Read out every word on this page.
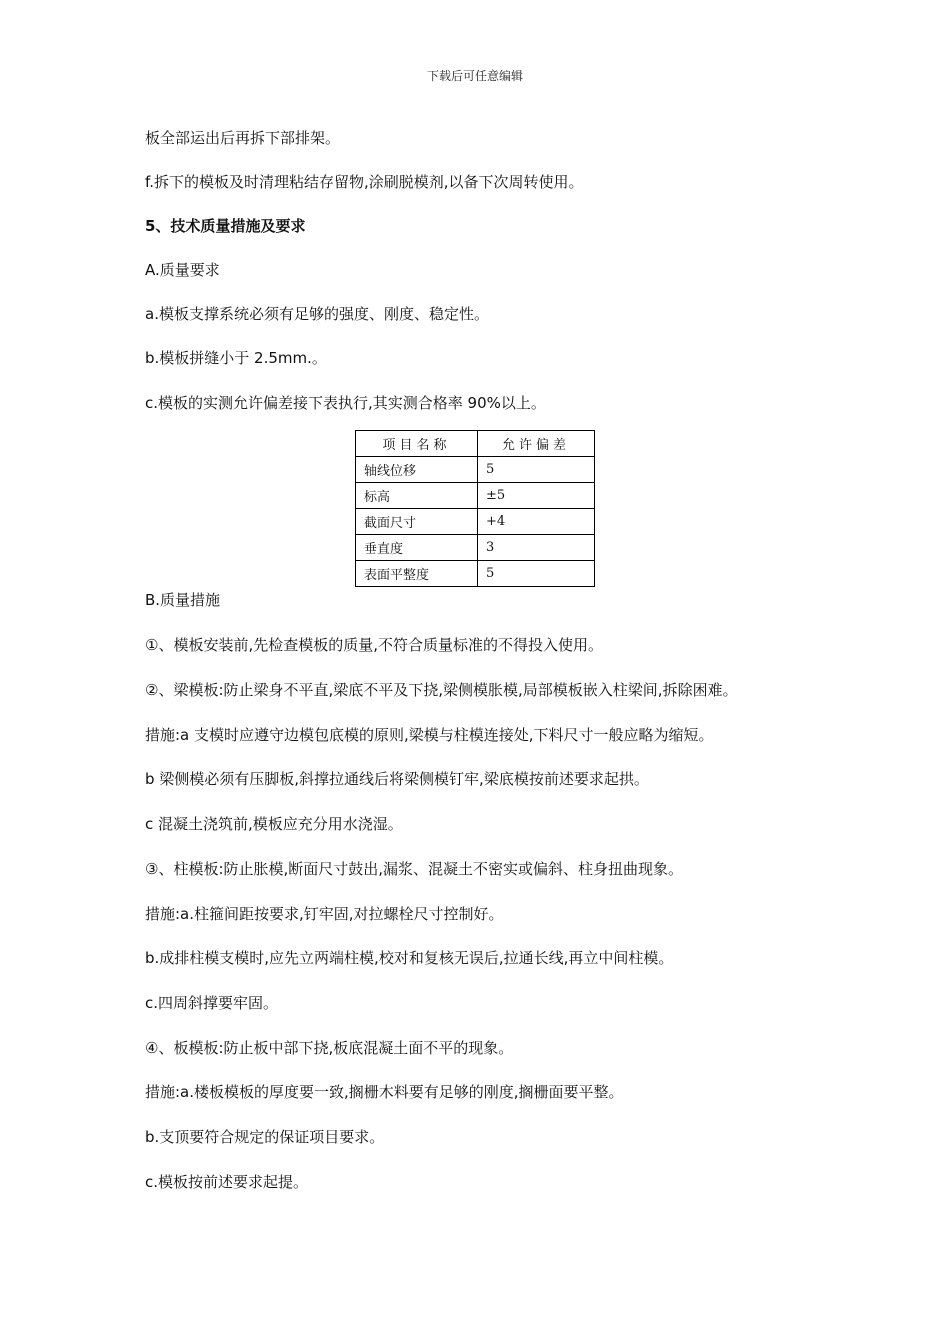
下载后可任意编辑
板全部运出后再拆下部排架。
f.拆下的模板及时清理粘结存留物,涂刷脱模剂,以备下次周转使用。
5、技术质量措施及要求
A.质量要求
a.模板支撑系统必须有足够的强度、刚度、稳定性。
b.模板拼缝小于 2.5mm.。
c.模板的实测允许偏差接下表执行,其实测合格率 90%以上。
项目名称	允许偏差
轴线位移	5
标高	±5
截面尺寸	+4
垂直度	3
表面平整度	5
B.质量措施
①、模板安装前,先检查模板的质量,不符合质量标准的不得投入使用。
②、梁模板:防止梁身不平直,梁底不平及下挠,梁侧模胀模,局部模板嵌入柱梁间,拆除困难。
措施:a 支模时应遵守边模包底模的原则,梁模与柱模连接处,下料尺寸一般应略为缩短。
b 梁侧模必须有压脚板,斜撑拉通线后将梁侧模钉牢,梁底模按前述要求起拱。
c 混凝土浇筑前,模板应充分用水浇湿。
③、柱模板:防止胀模,断面尺寸鼓出,漏浆、混凝土不密实或偏斜、柱身扭曲现象。
措施:a.柱箍间距按要求,钉牢固,对拉螺栓尺寸控制好。
b.成排柱模支模时,应先立两端柱模,校对和复核无误后,拉通长线,再立中间柱模。
c.四周斜撑要牢固。
④、板模板:防止板中部下挠,板底混凝土面不平的现象。
措施:a.楼板模板的厚度要一致,搁栅木料要有足够的刚度,搁栅面要平整。
b.支顶要符合规定的保证项目要求。
c.模板按前述要求起提。
